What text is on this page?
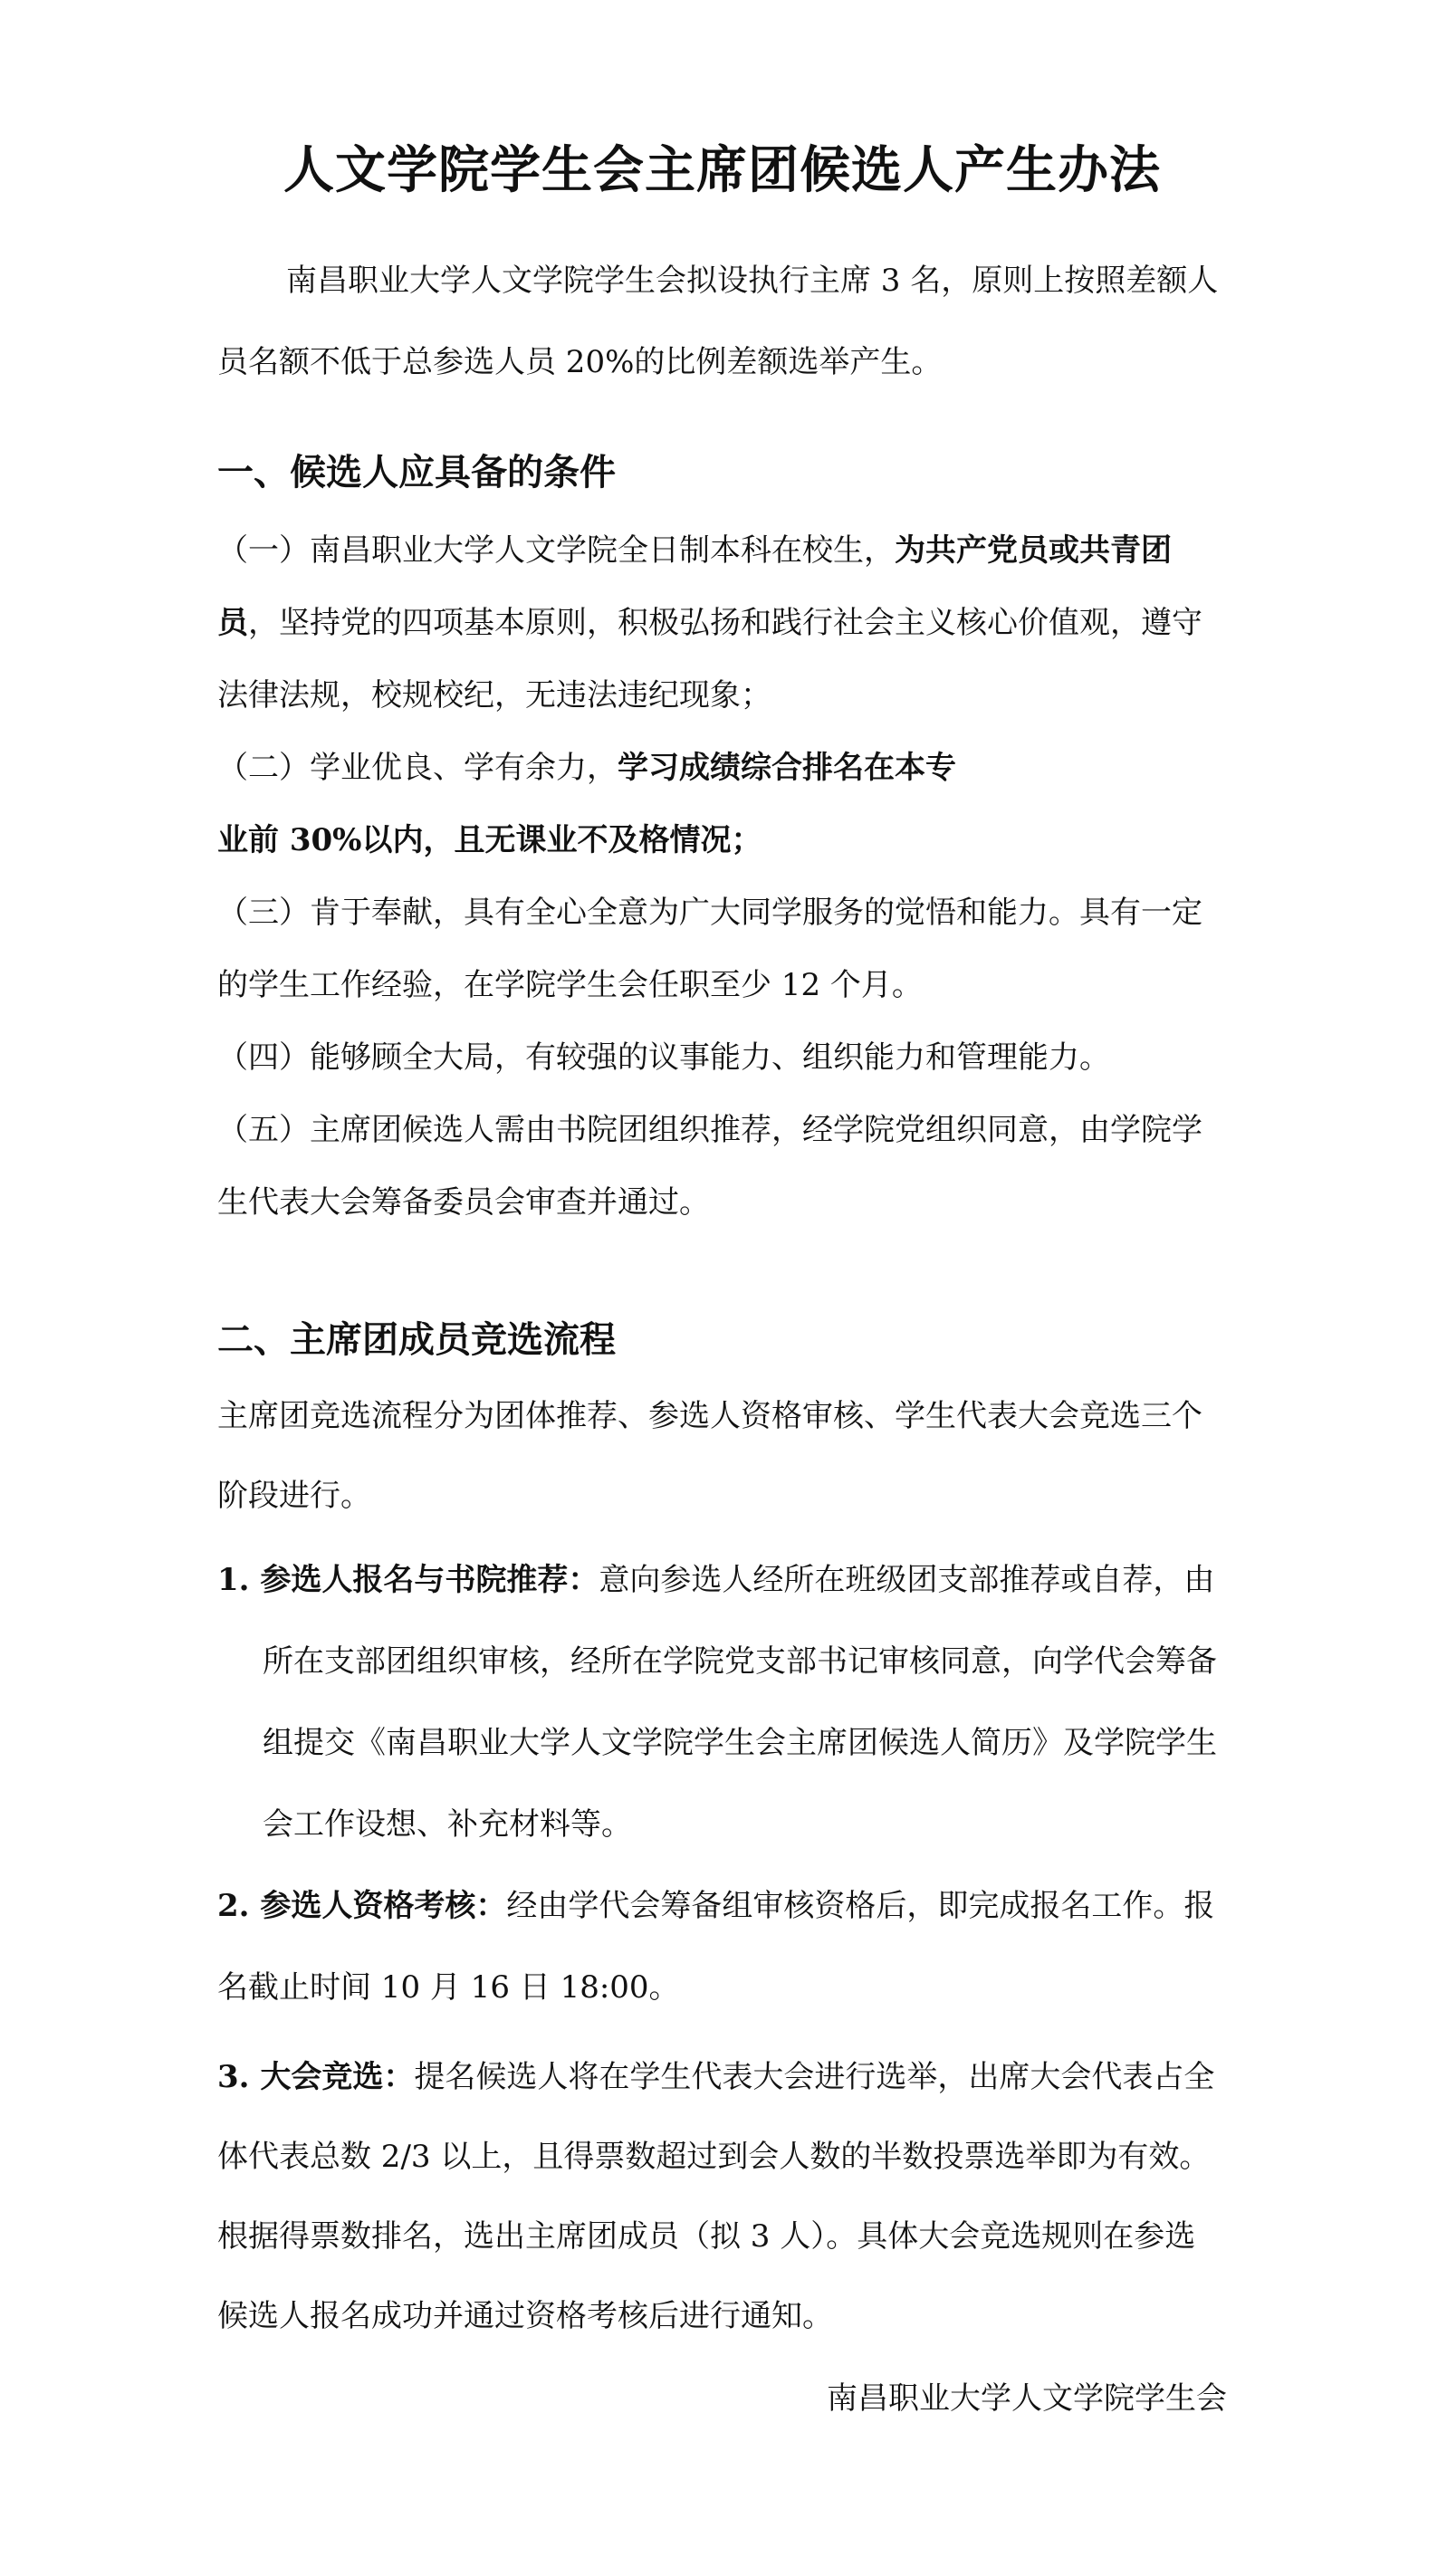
人文学院学生会主席团候选人产生办法

南昌职业大学人文学院学生会拟设执行主席 3 名，原则上按照差额人员名额不低于总参选人员 20%的比例差额选举产生。

一、候选人应具备的条件

（一）南昌职业大学人文学院全日制本科在校生，为共产党员或共青团员，坚持党的四项基本原则，积极弘扬和践行社会主义核心价值观，遵守法律法规，校规校纪，无违法违纪现象；

（二）学业优良、学有余力，学习成绩综合排名在本专
业前 30%以内，且无课业不及格情况；

（三）肯于奉献，具有全心全意为广大同学服务的觉悟和能力。具有一定的学生工作经验，在学院学生会任职至少 12 个月。

（四）能够顾全大局，有较强的议事能力、组织能力和管理能力。

（五）主席团候选人需由书院团组织推荐，经学院党组织同意，由学院学生代表大会筹备委员会审查并通过。

二、主席团成员竞选流程

主席团竞选流程分为团体推荐、参选人资格审核、学生代表大会竞选三个阶段进行。

1. 参选人报名与书院推荐：意向参选人经所在班级团支部推荐或自荐，由所在支部团组织审核，经所在学院党支部书记审核同意，向学代会筹备组提交《南昌职业大学人文学院学生会主席团候选人简历》及学院学生会工作设想、补充材料等。

2. 参选人资格考核：经由学代会筹备组审核资格后，即完成报名工作。报名截止时间 10 月 16 日 18:00。

3. 大会竞选：提名候选人将在学生代表大会进行选举，出席大会代表占全体代表总数 2/3 以上，且得票数超过到会人数的半数投票选举即为有效。根据得票数排名，选出主席团成员（拟 3 人）。具体大会竞选规则在参选候选人报名成功并通过资格考核后进行通知。

南昌职业大学人文学院学生会
